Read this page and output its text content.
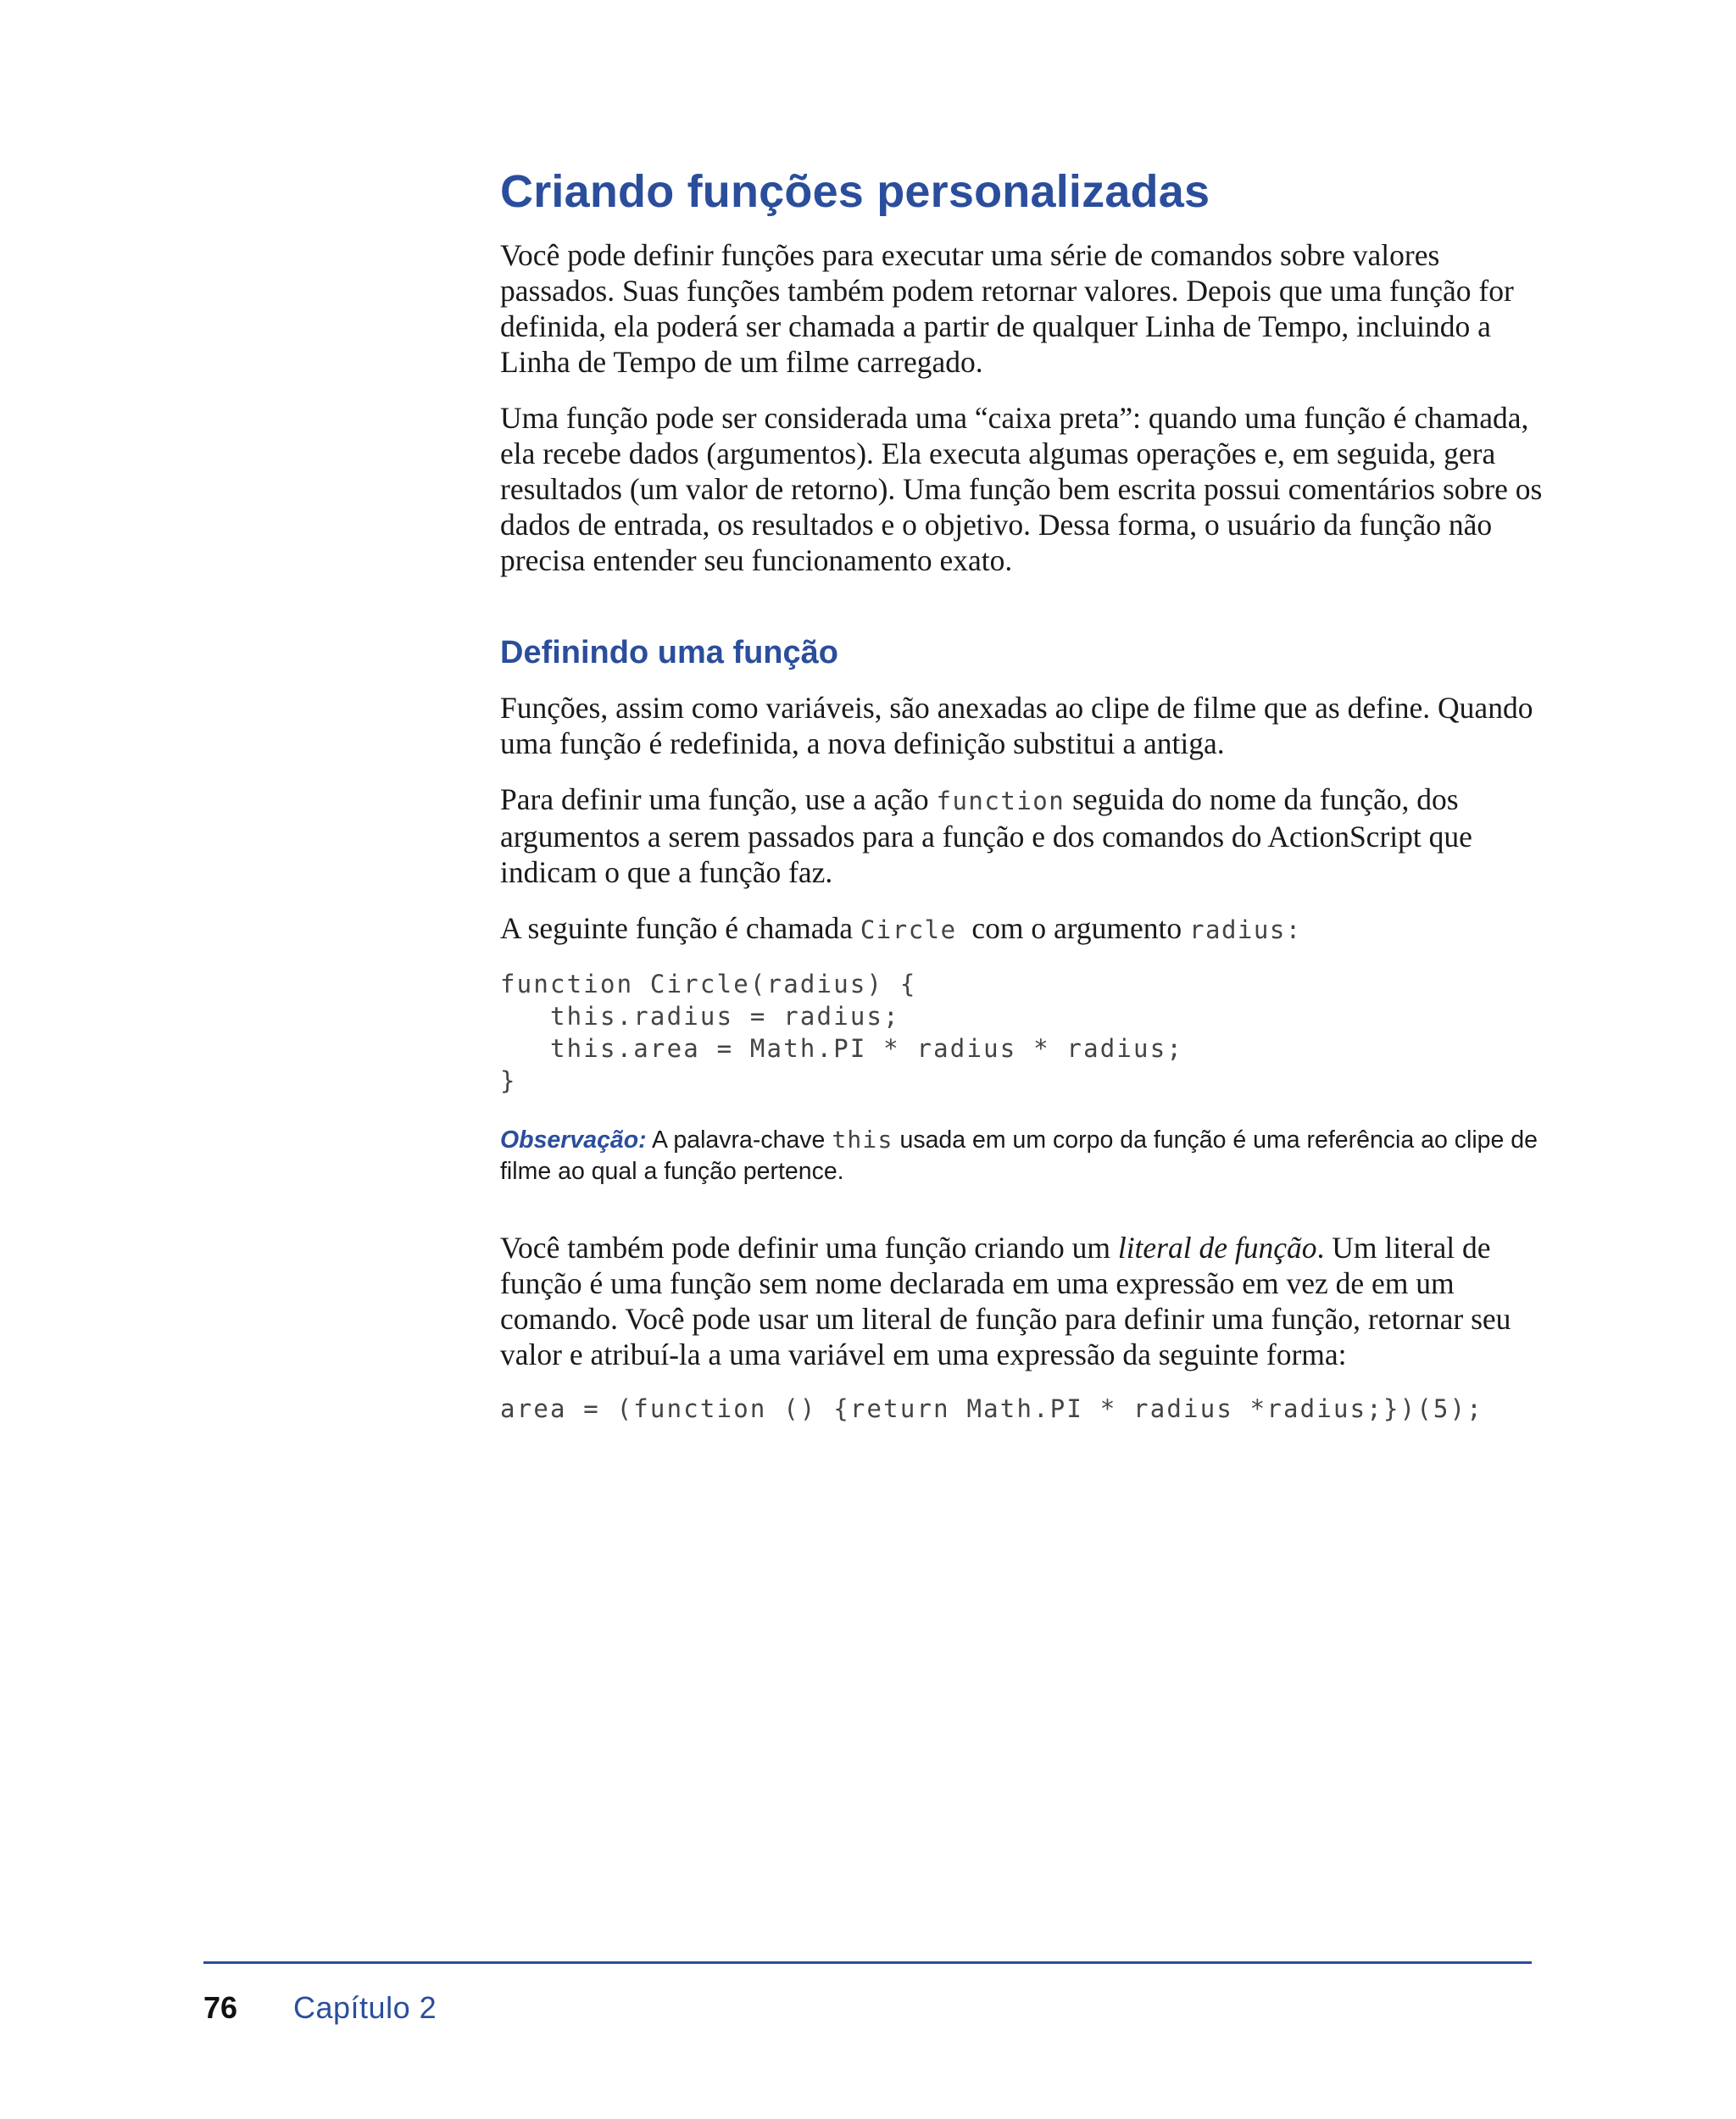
Criando funções personalizadas

Você pode definir funções para executar uma série de comandos sobre valores passados. Suas funções também podem retornar valores. Depois que uma função for definida, ela poderá ser chamada a partir de qualquer Linha de Tempo, incluindo a Linha de Tempo de um filme carregado.

Uma função pode ser considerada uma “caixa preta”: quando uma função é chamada, ela recebe dados (argumentos). Ela executa algumas operações e, em seguida, gera resultados (um valor de retorno). Uma função bem escrita possui comentários sobre os dados de entrada, os resultados e o objetivo. Dessa forma, o usuário da função não precisa entender seu funcionamento exato.

Definindo uma função

Funções, assim como variáveis, são anexadas ao clipe de filme que as define. Quando uma função é redefinida, a nova definição substitui a antiga.

Para definir uma função, use a ação function seguida do nome da função, dos argumentos a serem passados para a função e dos comandos do ActionScript que indicam o que a função faz.

A seguinte função é chamada Circle  com o argumento radius:

function Circle(radius) {
this.radius = radius;
this.area = Math.PI * radius * radius;
}
Observação: A palavra-chave this usada em um corpo da função é uma referência ao clipe de filme ao qual a função pertence.

Você também pode definir uma função criando um literal de função. Um literal de função é uma função sem nome declarada em uma expressão em vez de em um comando. Você pode usar um literal de função para definir uma função, retornar seu valor e atribuí-la a uma variável em uma expressão da seguinte forma:

area = (function () {return Math.PI * radius *radius;})(5);
76 Capítulo 2
